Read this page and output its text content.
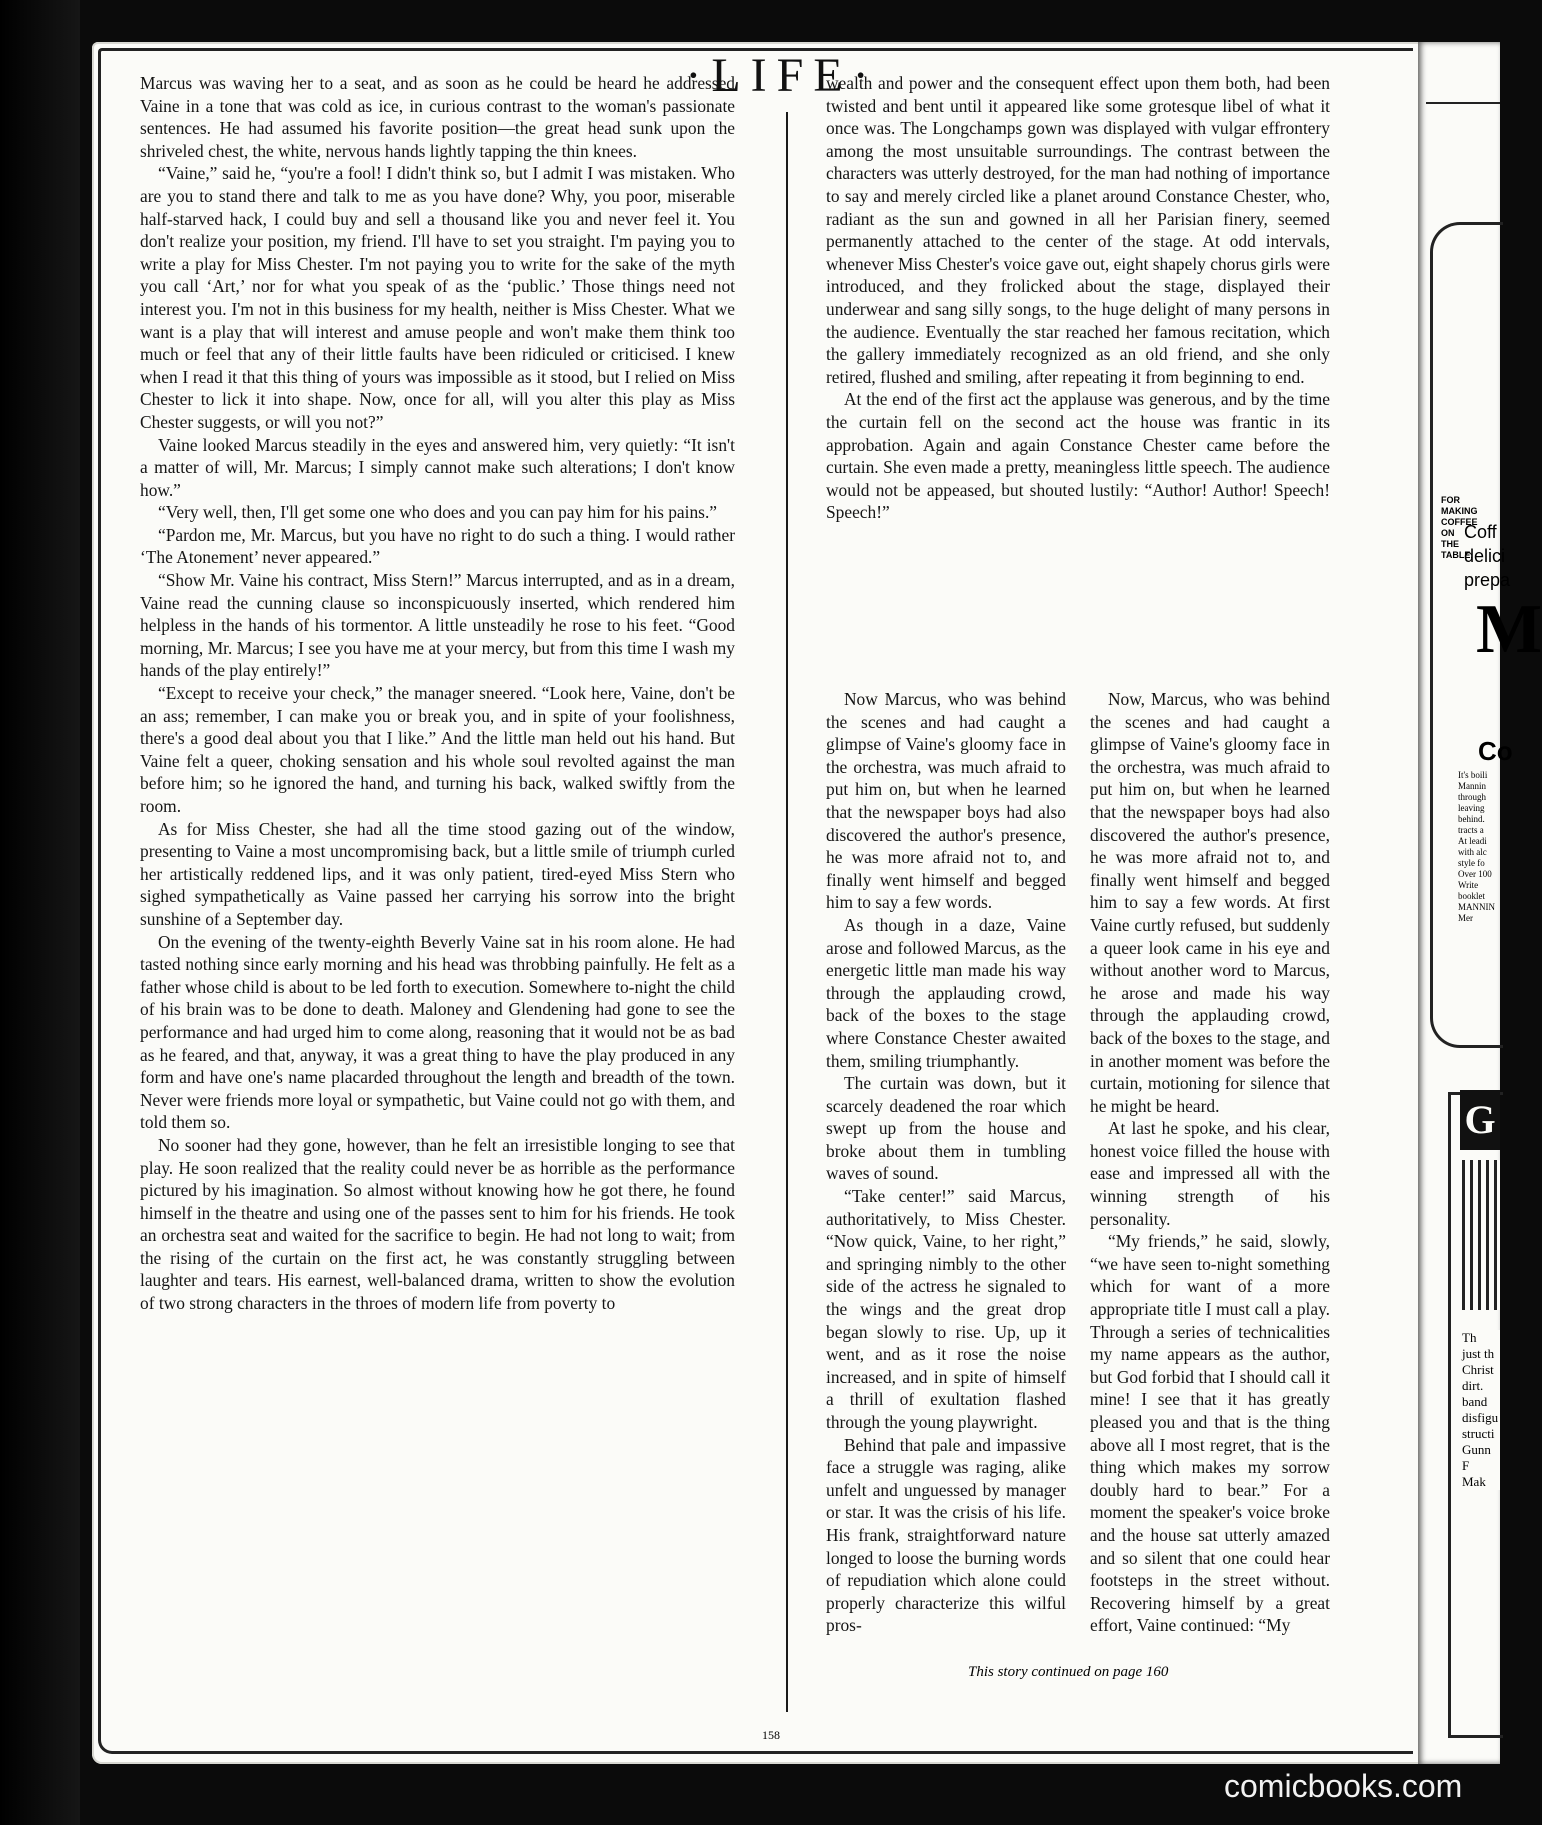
·LIFE·

Marcus was waving her to a seat, and as soon as he could be heard he addressed Vaine in a tone that was cold as ice, in curious contrast to the woman's passionate sentences. He had assumed his favorite position—the great head sunk upon the shriveled chest, the white, nervous hands lightly tapping the thin knees.

“Vaine,” said he, “you're a fool! I didn't think so, but I admit I was mistaken. Who are you to stand there and talk to me as you have done? Why, you poor, miserable half-starved hack, I could buy and sell a thousand like you and never feel it. You don't realize your position, my friend. I'll have to set you straight. I'm paying you to write a play for Miss Chester. I'm not paying you to write for the sake of the myth you call ‘Art,’ nor for what you speak of as the ‘public.’ Those things need not interest you. I'm not in this business for my health, neither is Miss Chester. What we want is a play that will interest and amuse people and won't make them think too much or feel that any of their little faults have been ridiculed or criticised. I knew when I read it that this thing of yours was impossible as it stood, but I relied on Miss Chester to lick it into shape. Now, once for all, will you alter this play as Miss Chester suggests, or will you not?”

Vaine looked Marcus steadily in the eyes and answered him, very quietly: “It isn't a matter of will, Mr. Marcus; I simply cannot make such alterations; I don't know how.”

“Very well, then, I'll get some one who does and you can pay him for his pains.”

“Pardon me, Mr. Marcus, but you have no right to do such a thing. I would rather ‘The Atonement’ never appeared.”

“Show Mr. Vaine his contract, Miss Stern!” Marcus interrupted, and as in a dream, Vaine read the cunning clause so inconspicuously inserted, which rendered him helpless in the hands of his tormentor. A little unsteadily he rose to his feet. “Good morning, Mr. Marcus; I see you have me at your mercy, but from this time I wash my hands of the play entirely!”

“Except to receive your check,” the manager sneered. “Look here, Vaine, don't be an ass; remember, I can make you or break you, and in spite of your foolishness, there's a good deal about you that I like.” And the little man held out his hand. But Vaine felt a queer, choking sensation and his whole soul revolted against the man before him; so he ignored the hand, and turning his back, walked swiftly from the room.

As for Miss Chester, she had all the time stood gazing out of the window, presenting to Vaine a most uncompromising back, but a little smile of triumph curled her artistically reddened lips, and it was only patient, tired-eyed Miss Stern who sighed sympathetically as Vaine passed her carrying his sorrow into the bright sunshine of a September day.

On the evening of the twenty-eighth Beverly Vaine sat in his room alone. He had tasted nothing since early morning and his head was throbbing painfully. He felt as a father whose child is about to be led forth to execution. Somewhere to-night the child of his brain was to be done to death. Maloney and Glendening had gone to see the performance and had urged him to come along, reasoning that it would not be as bad as he feared, and that, anyway, it was a great thing to have the play produced in any form and have one's name placarded throughout the length and breadth of the town. Never were friends more loyal or sympathetic, but Vaine could not go with them, and told them so.

No sooner had they gone, however, than he felt an irresistible longing to see that play. He soon realized that the reality could never be as horrible as the performance pictured by his imagination. So almost without knowing how he got there, he found himself in the theatre and using one of the passes sent to him for his friends. He took an orchestra seat and waited for the sacrifice to begin. He had not long to wait; from the rising of the curtain on the first act, he was constantly struggling between laughter and tears. His earnest, well-balanced drama, written to show the evolution of two strong characters in the throes of modern life from poverty to

wealth and power and the consequent effect upon them both, had been twisted and bent until it appeared like some grotesque libel of what it once was. The Longchamps gown was displayed with vulgar effrontery among the most unsuitable surroundings. The contrast between the characters was utterly destroyed, for the man had nothing of importance to say and merely circled like a planet around Constance Chester, who, radiant as the sun and gowned in all her Parisian finery, seemed permanently attached to the center of the stage. At odd intervals, whenever Miss Chester's voice gave out, eight shapely chorus girls were introduced, and they frolicked about the stage, displayed their underwear and sang silly songs, to the huge delight of many persons in the audience. Eventually the star reached her famous recitation, which the gallery immediately recognized as an old friend, and she only retired, flushed and smiling, after repeating it from beginning to end.

At the end of the first act the applause was generous, and by the time the curtain fell on the second act the house was frantic in its approbation. Again and again Constance Chester came before the curtain. She even made a pretty, meaningless little speech. The audience would not be appeased, but shouted lustily: “Author! Author! Speech! Speech!”

Now Marcus, who was behind the scenes and had caught a glimpse of Vaine's gloomy face in the orchestra, was much afraid to put him on, but when he learned that the newspaper boys had also discovered the author's presence, he was more afraid not to, and finally went himself and begged him to say a few words.

As though in a daze, Vaine arose and followed Marcus, as the energetic little man made his way through the applauding crowd, back of the boxes to the stage where Constance Chester awaited them, smiling triumphantly.

The curtain was down, but it scarcely deadened the roar which swept up from the house and broke about them in tumbling waves of sound.

“Take center!” said Marcus, authoritatively, to Miss Chester. “Now quick, Vaine, to her right,” and springing nimbly to the other side of the actress he signaled to the wings and the great drop began slowly to rise. Up, up it went, and as it rose the noise increased, and in spite of himself a thrill of exultation flashed through the young playwright.

Behind that pale and impassive face a struggle was raging, alike unfelt and unguessed by manager or star. It was the crisis of his life. His frank, straightforward nature longed to loose the burning words of repudiation which alone could properly characterize this wilful pros-

Now, Marcus, who was behind the scenes and had caught a glimpse of Vaine's gloomy face in the orchestra, was much afraid to put him on, but when he learned that the newspaper boys had also discovered the author's presence, he was more afraid not to, and finally went himself and begged him to say a few words. At first Vaine curtly refused, but suddenly a queer look came in his eye and without another word to Marcus, he arose and made his way through the applauding crowd, back of the boxes to the stage, and in another moment was before the curtain, motioning for silence that he might be heard.

At last he spoke, and his clear, honest voice filled the house with ease and impressed all with the winning strength of his personality.

“My friends,” he said, slowly, “we have seen to-night something which for want of a more appropriate title I must call a play. Through a series of technicalities my name appears as the author, but God forbid that I should call it mine! I see that it has greatly pleased you and that is the thing above all I most regret, that is the thing which makes my sorrow doubly hard to bear.” For a moment the speaker's voice broke and the house sat utterly amazed and so silent that one could hear footsteps in the street without. Recovering himself by a great effort, Vaine continued: “My

This story continued on page 160
158
FOR MAKING COFFEE ON THE TABLE.
Coff
delici
prepa
M
Co
It's boili
Mannin
through
leaving
behind.
tracts a
At leadi
with alc
style fo
Over 100
Write
booklet
MANNIN
Mer
G
Th
just th
Christ
dirt.
band
disfigu
structi
Gunn F
Mak
comicbooks.com
